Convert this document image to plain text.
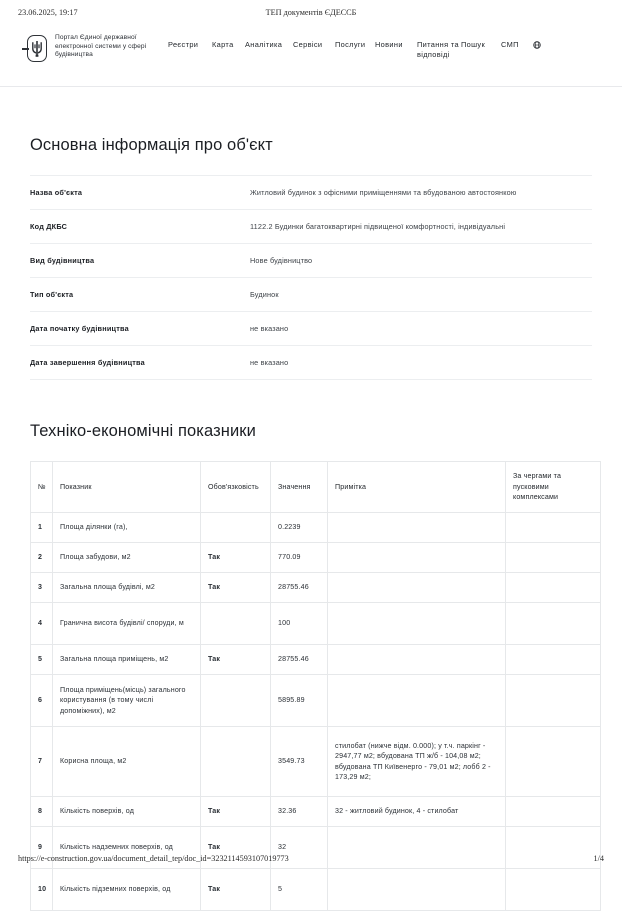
23.06.2025, 19:17	ТЕП документів ЄДЕССБ
Портал Єдиної державної електронної системи у сфері будівництва
Реєстри	Карта	Аналітика	Сервіси	Послуги	Новини	Питання та відповіді
Пошук	СМП
Основна інформація про об'єкт
Назва об'єкта	Житловий будинок з офісними приміщеннями та вбудованою автостоянкою
Код ДКБС	1122.2 Будинки багатоквартирні підвищеної комфортності, індивідуальні
Вид будівництва	Нове будівництво
Тип об'єкта	Будинок
Дата початку будівництва	не вказано
Дата завершення будівництва	не вказано
Техніко-економічні показники
№	Показник	Обов'язковість	Значення	Примітка	За чергами та пусковими комплексами
1	Площа ділянки (га),		0.2239		
2	Площа забудови, м2	Так	770.09		
3	Загальна площа будівлі, м2	Так	28755.46		
4	Гранична висота будівлі/ споруди, м		100		
5	Загальна площа приміщень, м2	Так	28755.46		
6	Площа приміщень(місць) загального користування (в тому числі допоміжних), м2		5895.89		
7	Корисна площа, м2		3549.73	стилобат (нижче відм. 0.000); у т.ч. паркінг - 2947,77 м2; вбудована ТП ж/б - 104,08 м2; вбудована ТП Київенерго - 79,01 м2; лобб 2 - 173,29 м2;	
8	Кількість поверхів, од	Так	32.36	32 - житловий будинок, 4 - стилобат	
9	Кількість надземних поверхів, од	Так	32		
10	Кількість підземних поверхів, од	Так	5		
https://e-construction.gov.ua/document_detail_tep/doc_id=3232114593107019773	1/4
